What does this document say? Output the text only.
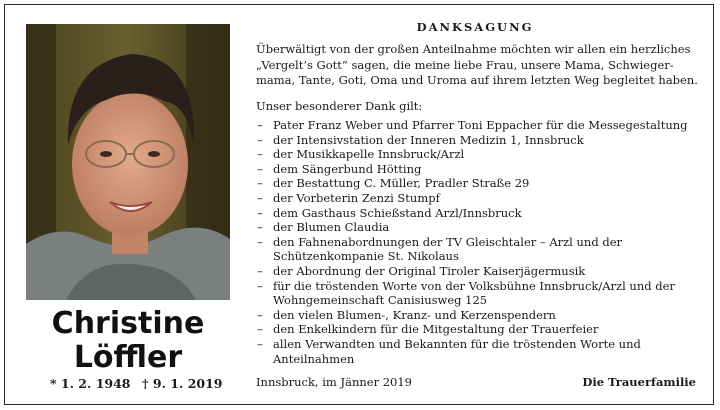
Christine
Löffler
* 1. 2. 1948 † 9. 1. 2019
DANKSAGUNG
Überwältigt von der großen Anteilnahme möchten wir allen ein herzliches
„Vergelt’s Gott“ sagen, die meine liebe Frau, unsere Mama, Schwieger-
mama, Tante, Goti, Oma und Uroma auf ihrem letzten Weg begleitet haben.
Unser besonderer Dank gilt:
– Pater Franz Weber und Pfarrer Toni Eppacher für die Messegestaltung
– der Intensivstation der Inneren Medizin 1, Innsbruck
– der Musikkapelle Innsbruck/Arzl
– dem Sängerbund Hötting
– der Bestattung C. Müller, Pradler Straße 29
– der Vorbeterin Zenzi Stumpf
– dem Gasthaus Schießstand Arzl/Innsbruck
– der Blumen Claudia
– den Fahnenabordnungen der TV Gleischtaler – Arzl und der
Schützenkompanie St. Nikolaus
– der Abordnung der Original Tiroler Kaiserjägermusik
– für die tröstenden Worte von der Volksbühne Innsbruck/Arzl und der
Wohngemeinschaft Canisiusweg 125
– den vielen Blumen-, Kranz- und Kerzenspendern
– den Enkelkindern für die Mitgestaltung der Trauerfeier
– allen Verwandten und Bekannten für die tröstenden Worte und
Anteilnahmen
Innsbruck, im Jänner 2019	Die Trauerfamilie
